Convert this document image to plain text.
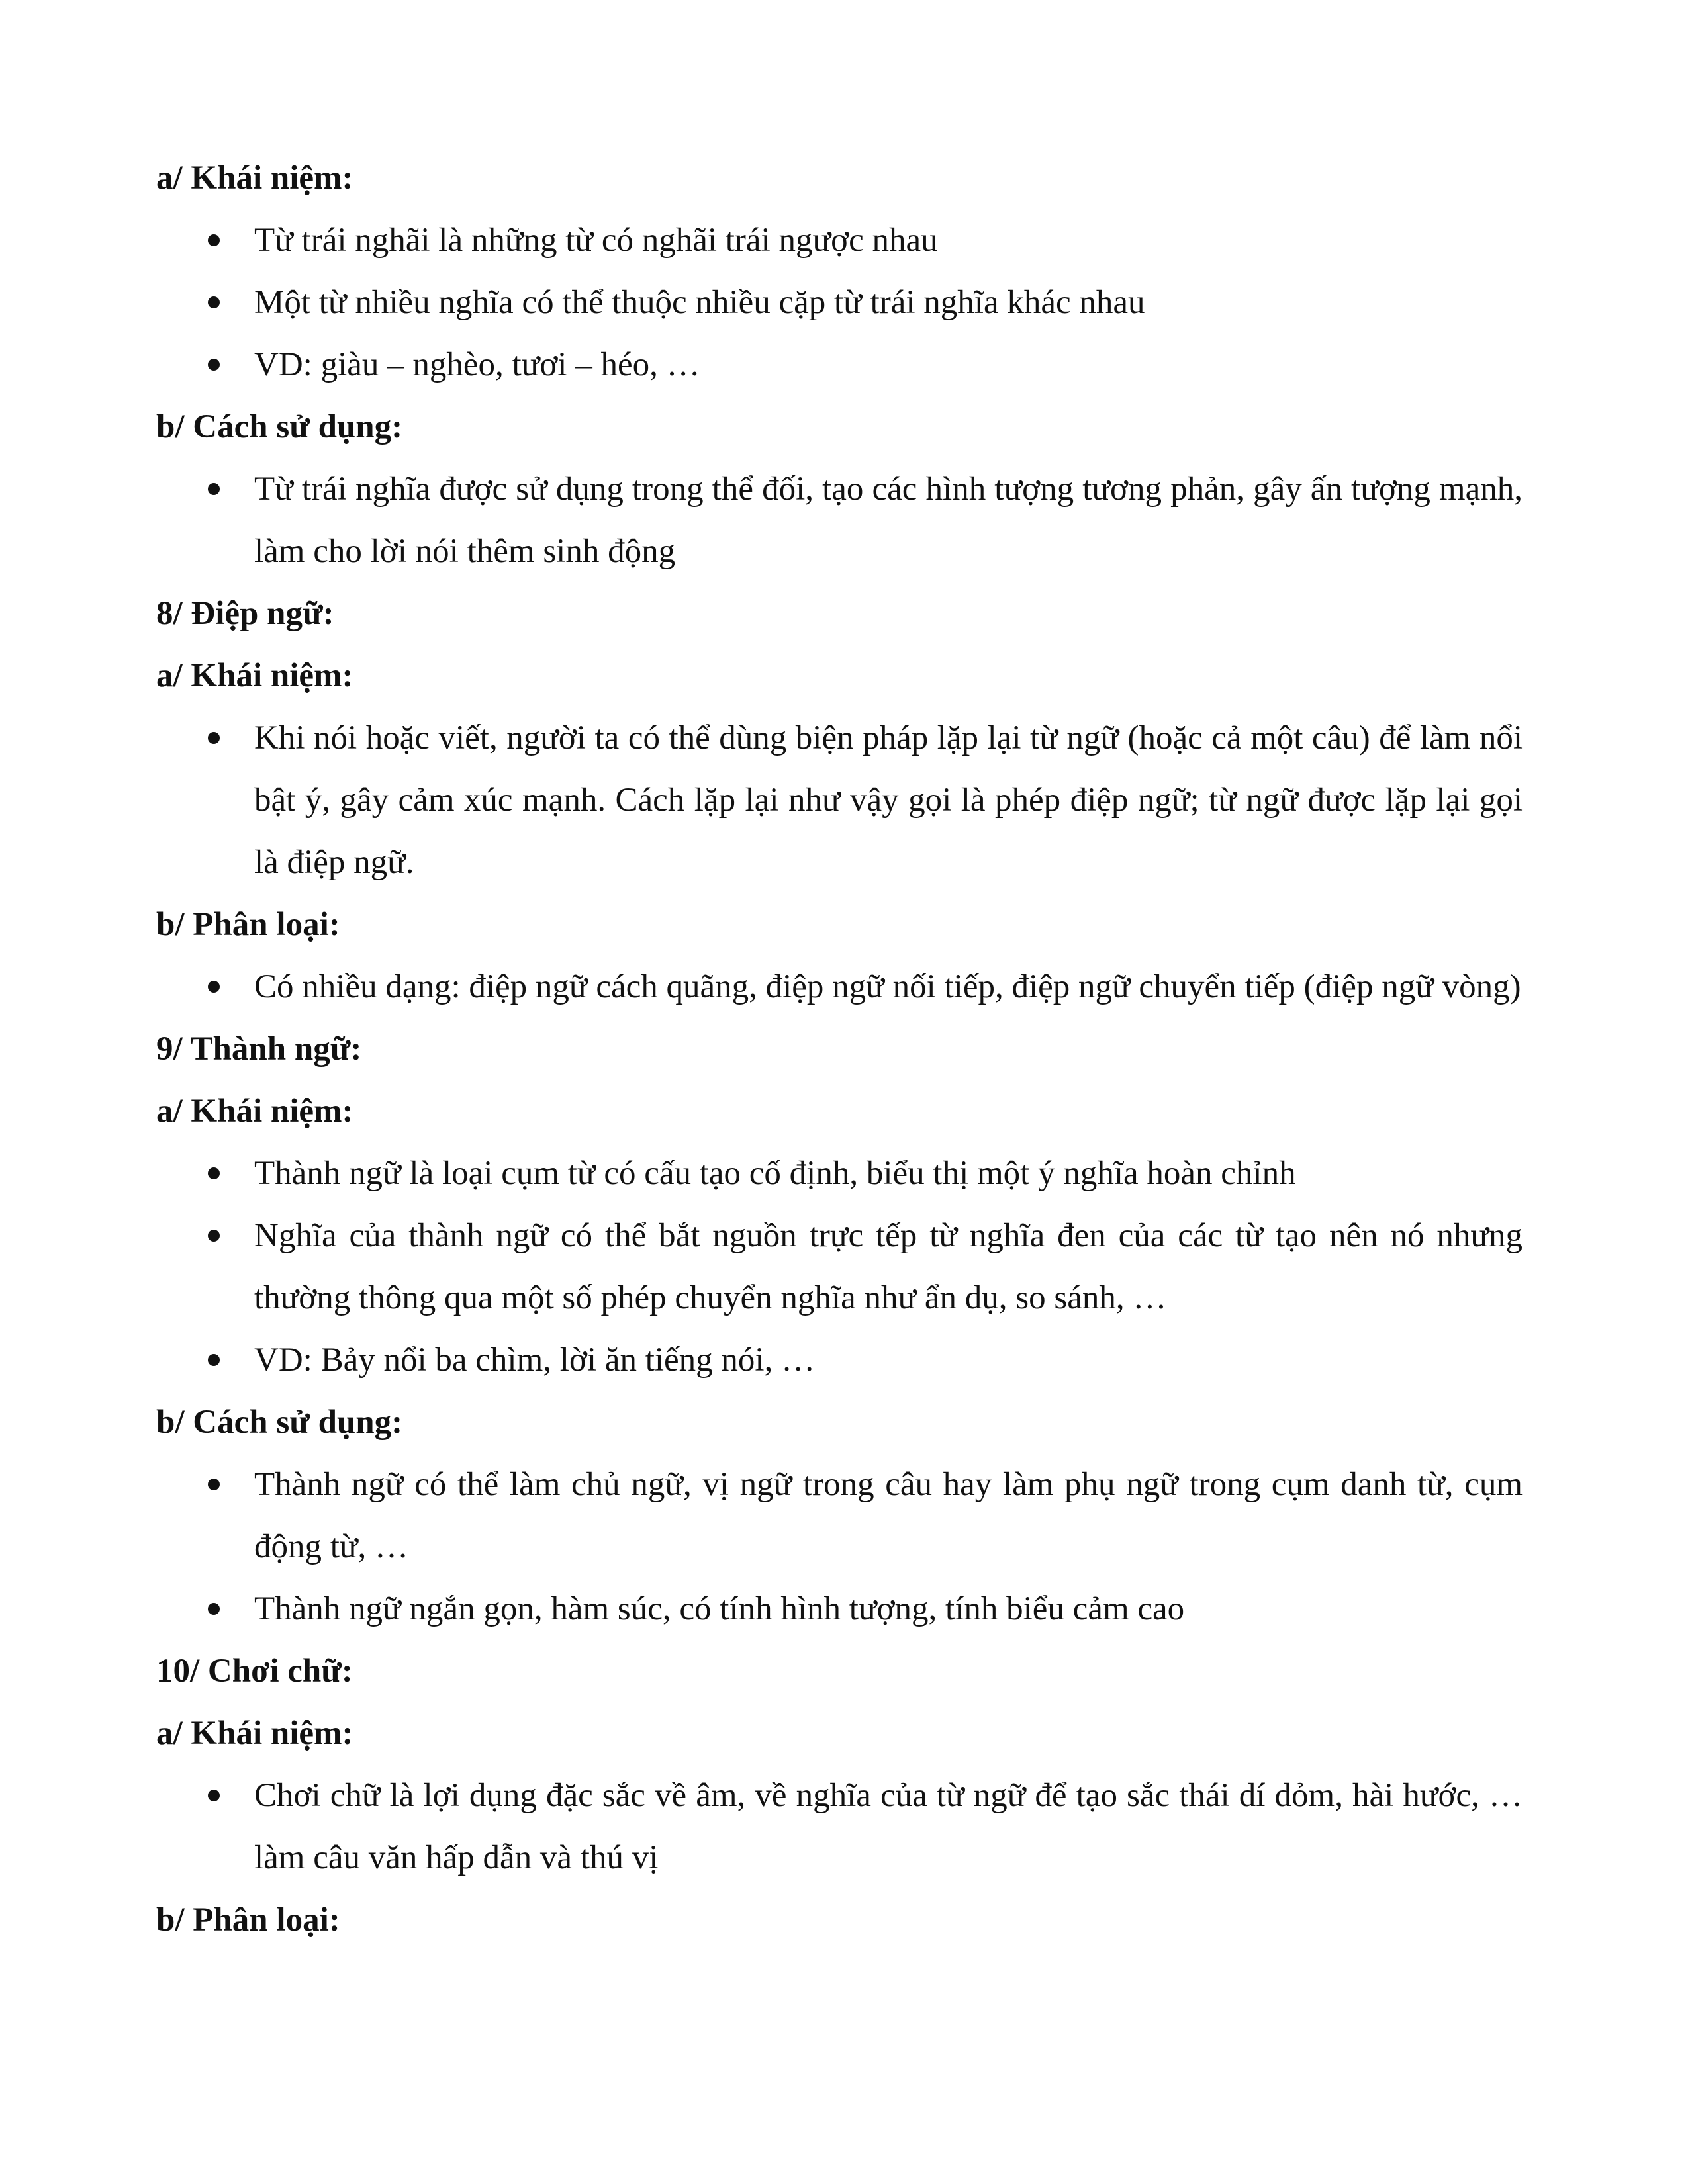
a/ Khái niệm:
Từ trái nghãi là những từ có nghãi trái ngược nhau
Một từ nhiều nghĩa có thể thuộc nhiều cặp từ trái nghĩa khác nhau
VD: giàu – nghèo, tươi – héo, …
b/ Cách sử dụng:
Từ trái nghĩa được sử dụng trong thể đối, tạo các hình tượng tương phản, gây ấn tượng mạnh, làm cho lời nói thêm sinh động
8/ Điệp ngữ:
a/ Khái niệm:
Khi nói hoặc viết, người ta có thể dùng biện pháp lặp lại từ ngữ (hoặc cả một câu) để làm nổi bật ý, gây cảm xúc mạnh. Cách lặp lại như vậy gọi là phép điệp ngữ; từ ngữ được lặp lại gọi là điệp ngữ.
b/ Phân loại:
Có nhiều dạng: điệp ngữ cách quãng, điệp ngữ nối tiếp, điệp ngữ chuyển tiếp (điệp ngữ vòng)
9/ Thành ngữ:
a/ Khái niệm:
Thành ngữ là loại cụm từ có cấu tạo cố định, biểu thị một ý nghĩa hoàn chỉnh
Nghĩa của thành ngữ có thể bắt nguồn trực tếp từ nghĩa đen của các từ tạo nên nó nhưng thường thông qua một số phép chuyển nghĩa như ẩn dụ, so sánh, …
VD: Bảy nổi ba chìm, lời ăn tiếng nói, …
b/ Cách sử dụng:
Thành ngữ có thể làm chủ ngữ, vị ngữ trong câu hay làm phụ ngữ trong cụm danh từ, cụm động từ, …
Thành ngữ ngắn gọn, hàm súc, có tính hình tượng, tính biểu cảm cao
10/ Chơi chữ:
a/ Khái niệm:
Chơi chữ là lợi dụng đặc sắc về âm, về nghĩa của từ ngữ để tạo sắc thái dí dỏm, hài hước, … làm câu văn hấp dẫn và thú vị
b/ Phân loại:
